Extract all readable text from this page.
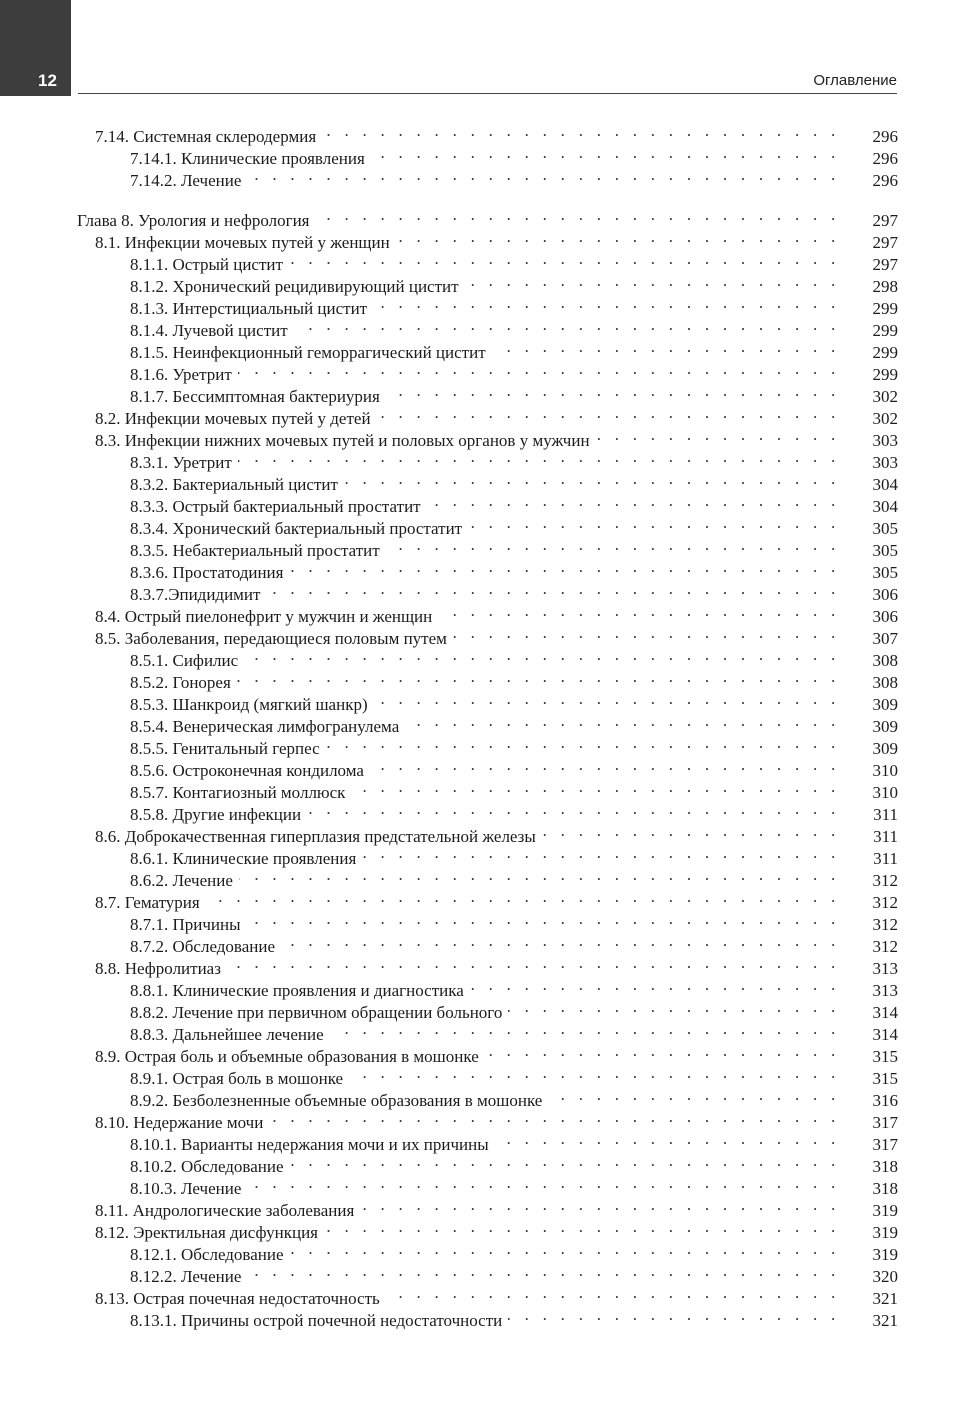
12	Оглавление
7.14. Системная склеродермия . . .	296
7.14.1. Клинические проявления . . .	296
7.14.2. Лечение . . .	296
Глава 8. Урология и нефрология . . .	297
8.1. Инфекции мочевых путей у женщин . . .	297
8.1.1. Острый цистит . . .	297
8.1.2. Хронический рецидивирующий цистит . . .	298
8.1.3. Интерстициальный цистит . . .	299
8.1.4. Лучевой цистит . . .	299
8.1.5. Неинфекционный геморрагический цистит . . .	299
8.1.6. Уретрит . . .	299
8.1.7. Бессимптомная бактериурия . . .	302
8.2. Инфекции мочевых путей у детей . . .	302
8.3. Инфекции нижних мочевых путей и половых органов у мужчин . . .	303
8.3.1. Уретрит . . .	303
8.3.2. Бактериальный цистит . . .	304
8.3.3. Острый бактериальный простатит . . .	304
8.3.4. Хронический бактериальный простатит . . .	305
8.3.5. Небактериальный простатит . . .	305
8.3.6. Простатодиния . . .	305
8.3.7.Эпидидимит . . .	306
8.4. Острый пиелонефрит у мужчин и женщин . . .	306
8.5. Заболевания, передающиеся половым путем . . .	307
8.5.1. Сифилис . . .	308
8.5.2. Гонорея . . .	308
8.5.3. Шанкроид (мягкий шанкр) . . .	309
8.5.4. Венерическая лимфогранулема . . .	309
8.5.5. Генитальный герпес . . .	309
8.5.6. Остроконечная кондилома . . .	310
8.5.7. Контагиозный моллюск . . .	310
8.5.8. Другие инфекции . . .	311
8.6. Доброкачественная гиперплазия предстательной железы . . .	311
8.6.1. Клинические проявления . . .	311
8.6.2. Лечение . . .	312
8.7. Гематурия . . .	312
8.7.1. Причины . . .	312
8.7.2. Обследование . . .	312
8.8. Нефролитиаз . . .	313
8.8.1. Клинические проявления и диагностика . . .	313
8.8.2. Лечение при первичном обращении больного . . .	314
8.8.3. Дальнейшее лечение . . .	314
8.9. Острая боль и объемные образования в мошонке . . .	315
8.9.1. Острая боль в мошонке . . .	315
8.9.2. Безболезненные объемные образования в мошонке . . .	316
8.10. Недержание мочи . . .	317
8.10.1. Варианты недержания мочи и их причины . . .	317
8.10.2. Обследование . . .	318
8.10.3. Лечение . . .	318
8.11. Андрологические заболевания . . .	319
8.12. Эректильная дисфункция . . .	319
8.12.1. Обследование . . .	319
8.12.2. Лечение . . .	320
8.13. Острая почечная недостаточность . . .	321
8.13.1. Причины острой почечной недостаточности . . .	321
